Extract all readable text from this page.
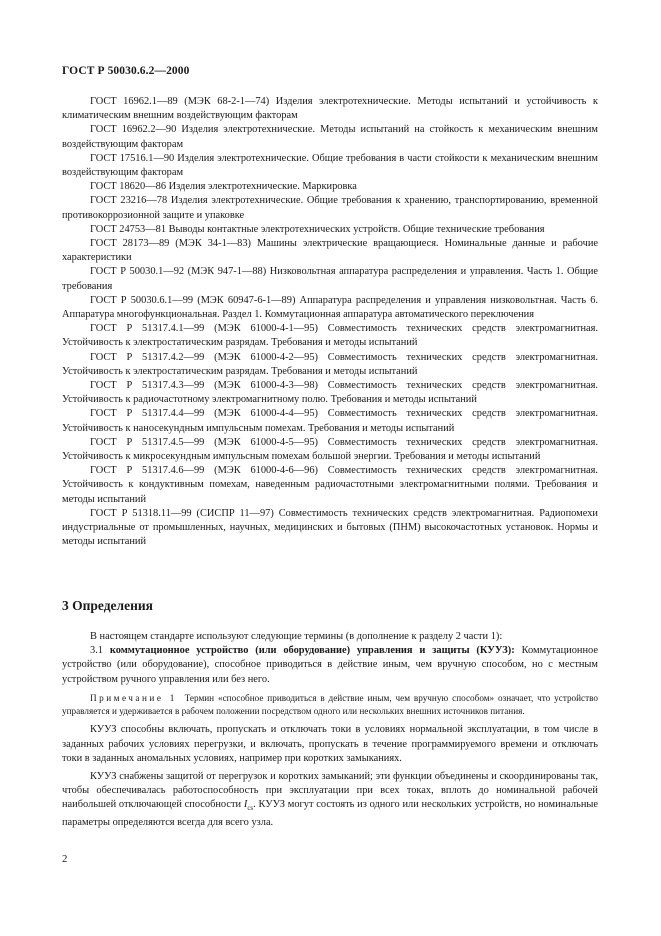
ГОСТ Р 50030.6.2—2000

ГОСТ 16962.1—89 (МЭК 68-2-1—74) Изделия электротехнические. Методы испытаний и устойчивость к климатическим внешним воздействующим факторам

ГОСТ 16962.2—90 Изделия электротехнические. Методы испытаний на стойкость к механическим внешним воздействующим факторам

ГОСТ 17516.1—90 Изделия электротехнические. Общие требования в части стойкости к механическим внешним воздействующим факторам

ГОСТ 18620—86 Изделия электротехнические. Маркировка

ГОСТ 23216—78 Изделия электротехнические. Общие требования к хранению, транспортированию, временной противокоррозионной защите и упаковке

ГОСТ 24753—81 Выводы контактные электротехнических устройств. Общие технические требования

ГОСТ 28173—89 (МЭК 34-1—83) Машины электрические вращающиеся. Номинальные данные и рабочие характеристики

ГОСТ Р 50030.1—92 (МЭК 947-1—88) Низковольтная аппаратура распределения и управления. Часть 1. Общие требования

ГОСТ Р 50030.6.1—99 (МЭК 60947-6-1—89) Аппаратура распределения и управления низковольтная. Часть 6. Аппаратура многофункциональная. Раздел 1. Коммутационная аппаратура автоматического переключения

ГОСТ Р 51317.4.1—99 (МЭК 61000-4-1—95) Совместимость технических средств электромагнитная. Устойчивость к электростатическим разрядам. Требования и методы испытаний

ГОСТ Р 51317.4.2—99 (МЭК 61000-4-2—95) Совместимость технических средств электромагнитная. Устойчивость к электростатическим разрядам. Требования и методы испытаний

ГОСТ Р 51317.4.3—99 (МЭК 61000-4-3—98) Совместимость технических средств электромагнитная. Устойчивость к радиочастотному электромагнитному полю. Требования и методы испытаний

ГОСТ Р 51317.4.4—99 (МЭК 61000-4-4—95) Совместимость технических средств электромагнитная. Устойчивость к наносекундным импульсным помехам. Требования и методы испытаний

ГОСТ Р 51317.4.5—99 (МЭК 61000-4-5—95) Совместимость технических средств электромагнитная. Устойчивость к микросекундным импульсным помехам большой энергии. Требования и методы испытаний

ГОСТ Р 51317.4.6—99 (МЭК 61000-4-6—96) Совместимость технических средств электромагнитная. Устойчивость к кондуктивным помехам, наведенным радиочастотными электромагнитными полями. Требования и методы испытаний

ГОСТ Р 51318.11—99 (СИСПР 11—97) Совместимость технических средств электромагнитная. Радиопомехи индустриальные от промышленных, научных, медицинских и бытовых (ПНМ) высокочастотных установок. Нормы и методы испытаний

3 Определения

В настоящем стандарте используют следующие термины (в дополнение к разделу 2 части 1):

3.1 коммутационное устройство (или оборудование) управления и защиты (КУУЗ): Коммутационное устройство (или оборудование), способное приводиться в действие иным, чем вручную способом, но с местным устройством ручного управления или без него.

Примечание 1 Термин «способное приводиться в действие иным, чем вручную способом» означает, что устройство управляется и удерживается в рабочем положении посредством одного или нескольких внешних источников питания.

КУУЗ способны включать, пропускать и отключать токи в условиях нормальной эксплуатации, в том числе в заданных рабочих условиях перегрузки, и включать, пропускать в течение программируемого времени и отключать токи в заданных аномальных условиях, например при коротких замыканиях.

КУУЗ снабжены защитой от перегрузок и коротких замыканий; эти функции объединены и скоординированы так, чтобы обеспечивалась работоспособность при эксплуатации при всех токах, вплоть до номинальной рабочей наибольшей отключающей способности $I_{cs}$. КУУЗ могут состоять из одного или нескольких устройств, но номинальные параметры определяются всегда для всего узла.

2
